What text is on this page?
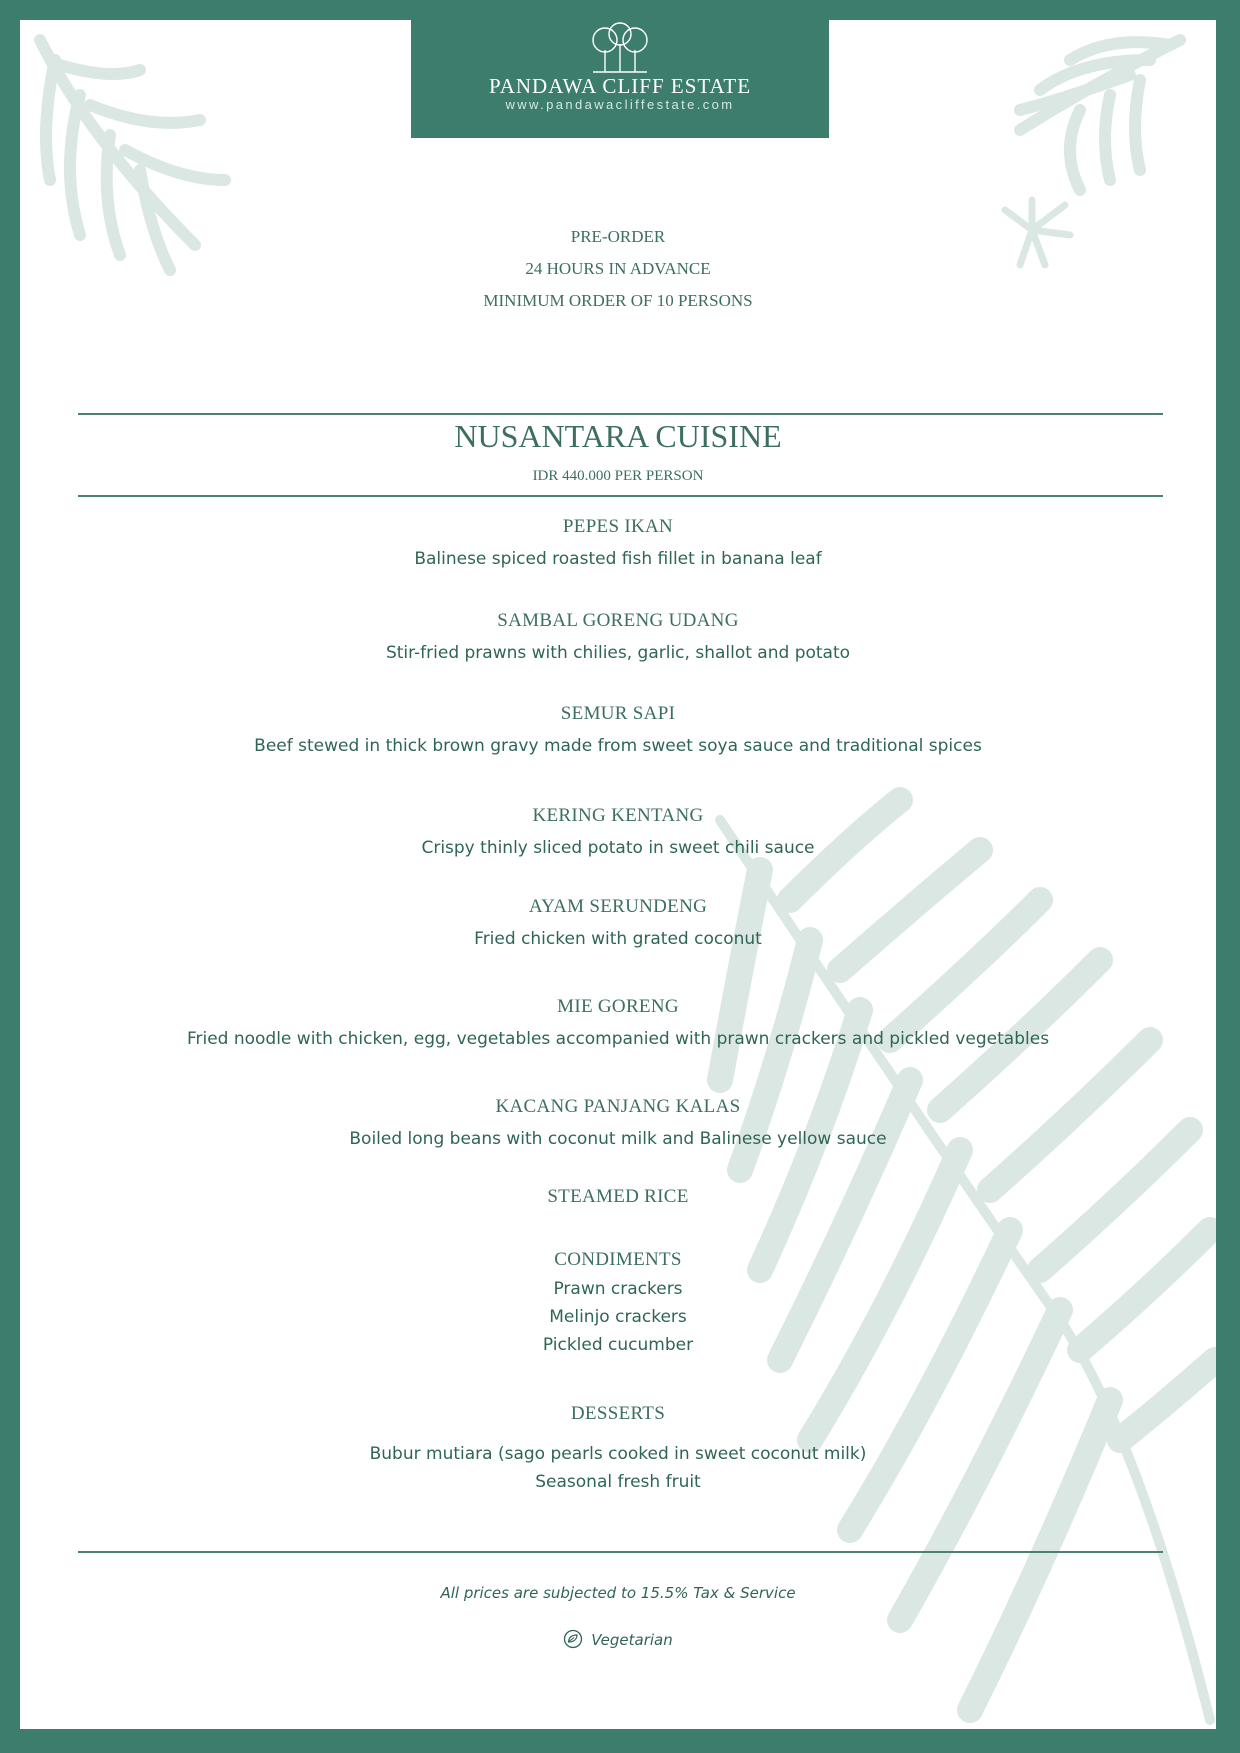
PANDAWA CLIFF ESTATE
www.pandawacliffestate.com
PRE-ORDER
24 HOURS IN ADVANCE
MINIMUM ORDER OF 10 PERSONS
NUSANTARA CUISINE
IDR 440.000 PER PERSON
PEPES IKAN
Balinese spiced roasted fish fillet in banana leaf
SAMBAL GORENG UDANG
Stir-fried prawns with chilies, garlic, shallot and potato
SEMUR SAPI
Beef stewed in thick brown gravy made from sweet soya sauce and traditional spices
KERING KENTANG
Crispy thinly sliced potato in sweet chili sauce
AYAM SERUNDENG
Fried chicken with grated coconut
MIE GORENG
Fried noodle with chicken, egg, vegetables accompanied with prawn crackers and pickled vegetables
KACANG PANJANG KALAS
Boiled long beans with coconut milk and Balinese yellow sauce
STEAMED RICE
CONDIMENTS
Prawn crackers
Melinjo crackers
Pickled cucumber
DESSERTS
Bubur mutiara (sago pearls cooked in sweet coconut milk)
Seasonal fresh fruit
All prices are subjected to 15.5% Tax & Service
Vegetarian
